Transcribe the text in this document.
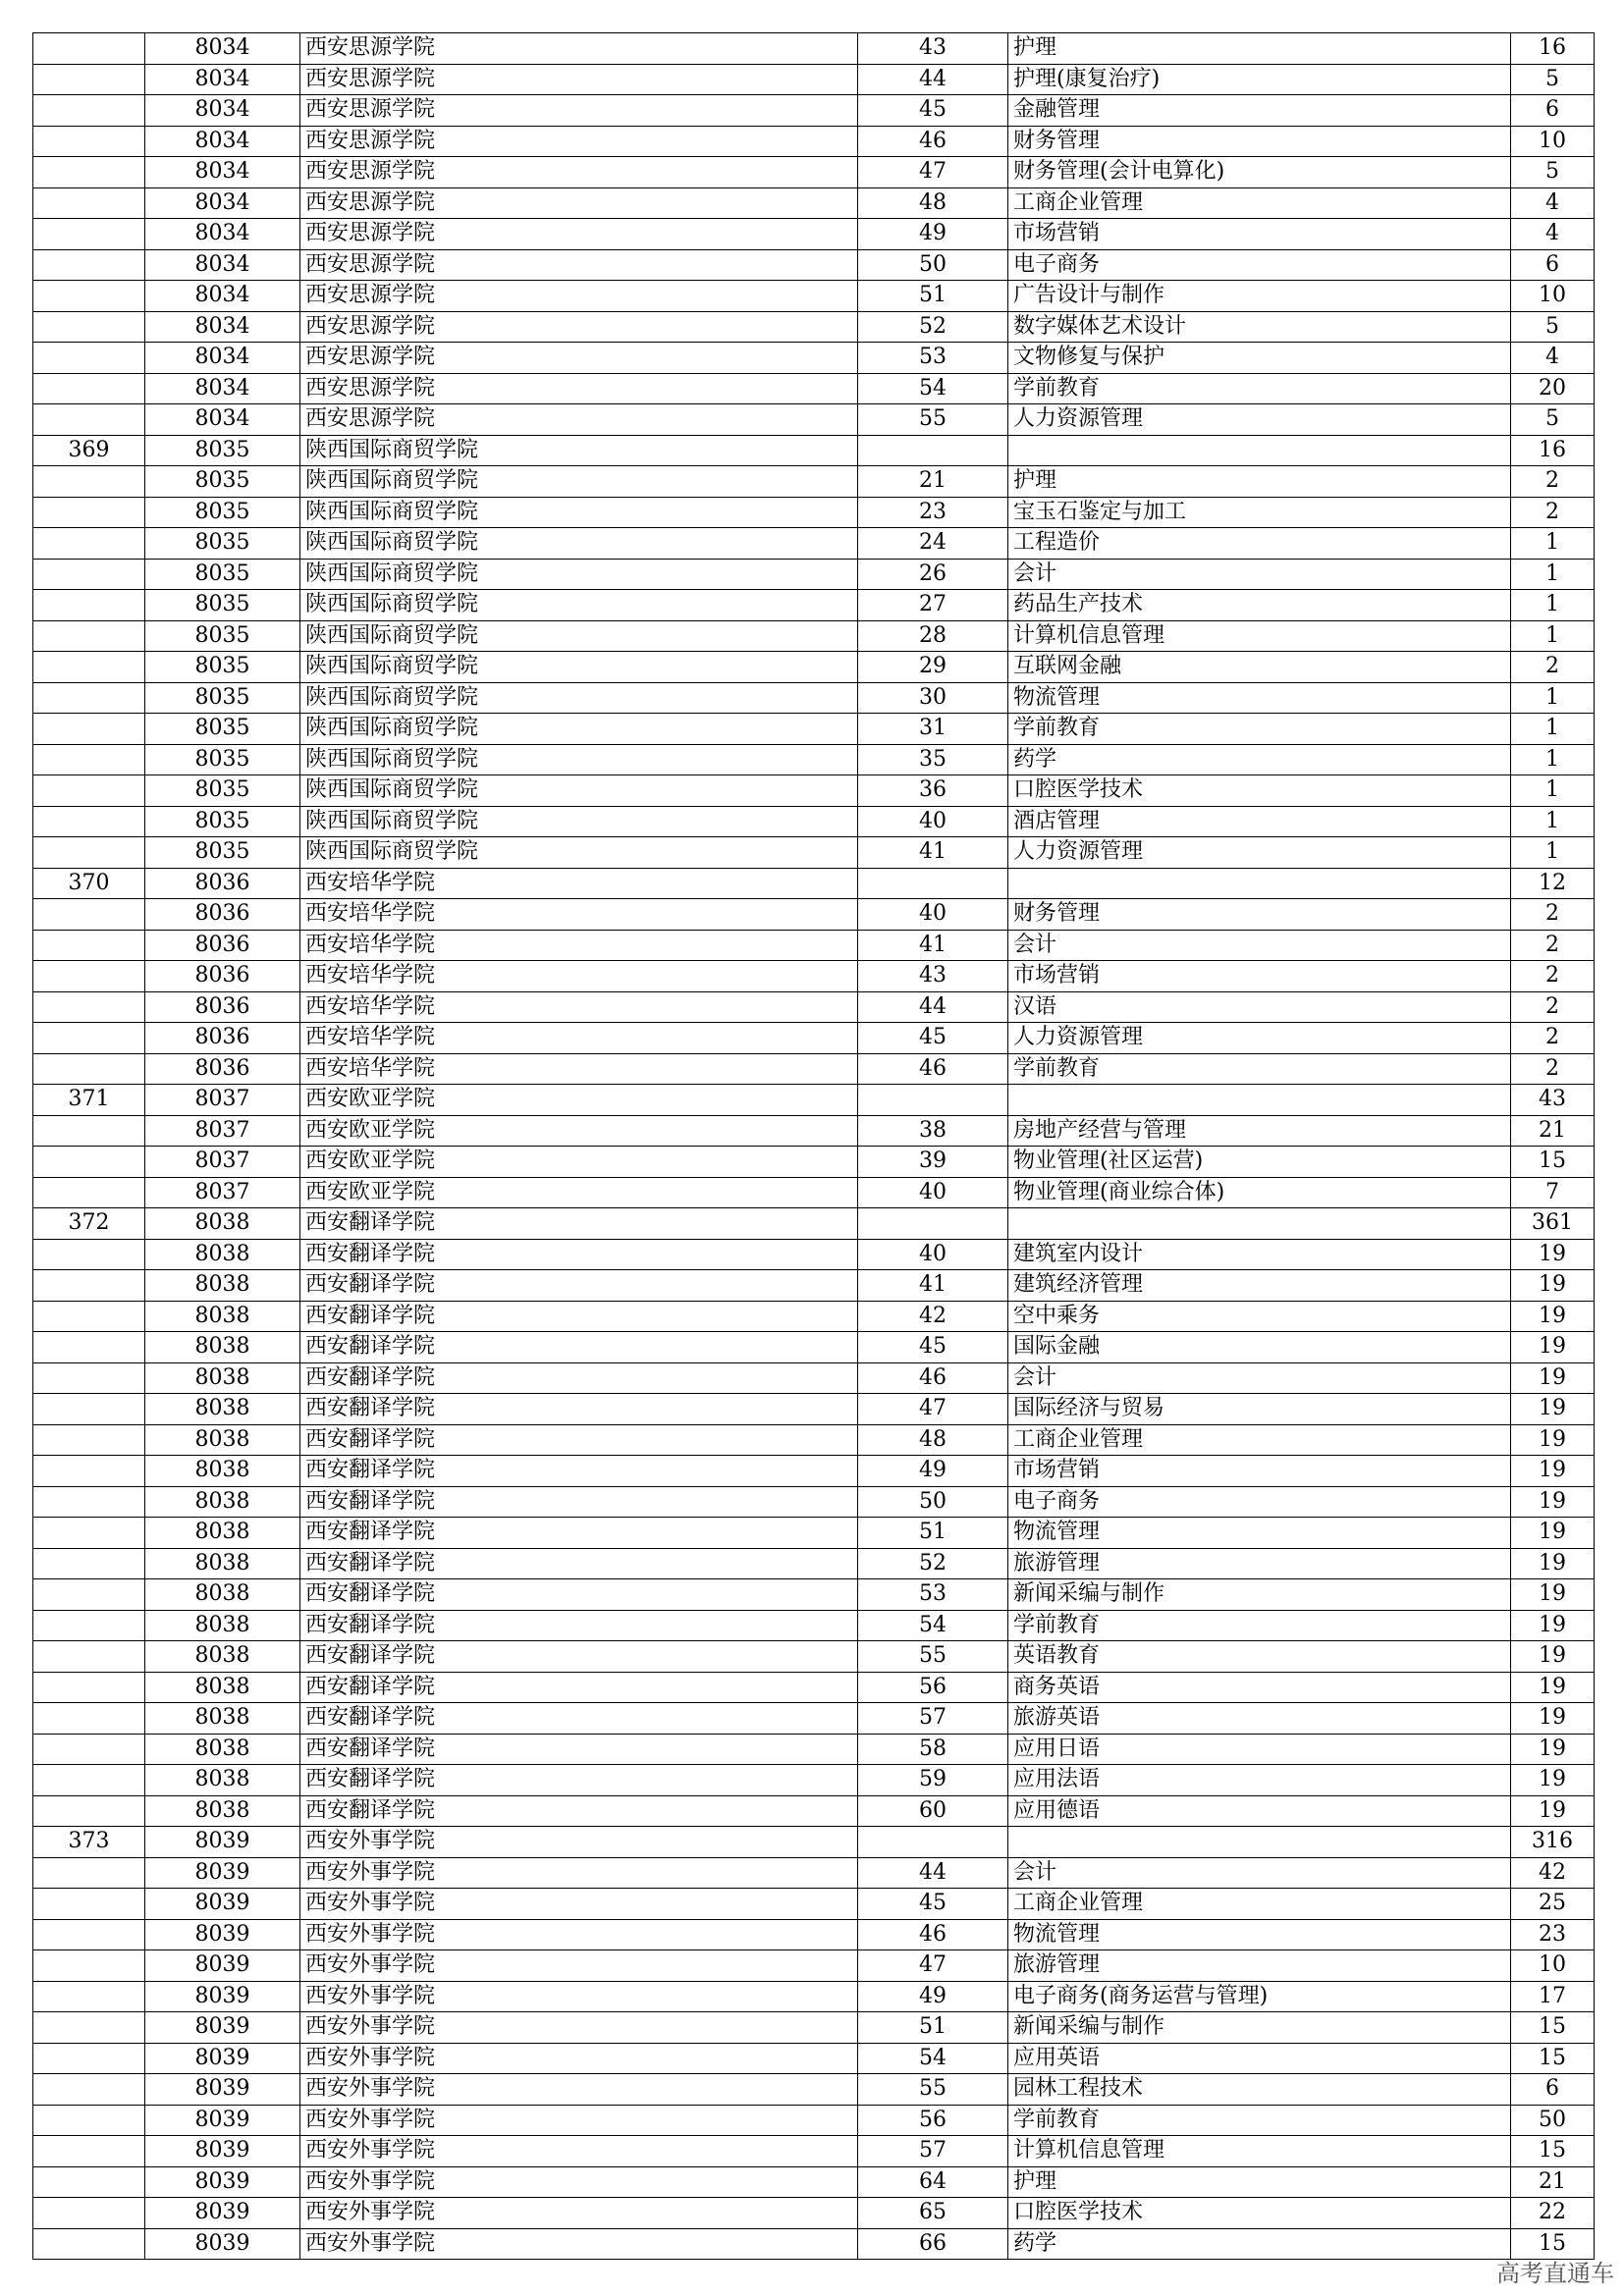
	8034	西安思源学院	43	护理	16
	8034	西安思源学院	44	护理(康复治疗)	5
	8034	西安思源学院	45	金融管理	6
	8034	西安思源学院	46	财务管理	10
	8034	西安思源学院	47	财务管理(会计电算化)	5
	8034	西安思源学院	48	工商企业管理	4
	8034	西安思源学院	49	市场营销	4
	8034	西安思源学院	50	电子商务	6
	8034	西安思源学院	51	广告设计与制作	10
	8034	西安思源学院	52	数字媒体艺术设计	5
	8034	西安思源学院	53	文物修复与保护	4
	8034	西安思源学院	54	学前教育	20
	8034	西安思源学院	55	人力资源管理	5
369	8035	陕西国际商贸学院			16
	8035	陕西国际商贸学院	21	护理	2
	8035	陕西国际商贸学院	23	宝玉石鉴定与加工	2
	8035	陕西国际商贸学院	24	工程造价	1
	8035	陕西国际商贸学院	26	会计	1
	8035	陕西国际商贸学院	27	药品生产技术	1
	8035	陕西国际商贸学院	28	计算机信息管理	1
	8035	陕西国际商贸学院	29	互联网金融	2
	8035	陕西国际商贸学院	30	物流管理	1
	8035	陕西国际商贸学院	31	学前教育	1
	8035	陕西国际商贸学院	35	药学	1
	8035	陕西国际商贸学院	36	口腔医学技术	1
	8035	陕西国际商贸学院	40	酒店管理	1
	8035	陕西国际商贸学院	41	人力资源管理	1
370	8036	西安培华学院			12
	8036	西安培华学院	40	财务管理	2
	8036	西安培华学院	41	会计	2
	8036	西安培华学院	43	市场营销	2
	8036	西安培华学院	44	汉语	2
	8036	西安培华学院	45	人力资源管理	2
	8036	西安培华学院	46	学前教育	2
371	8037	西安欧亚学院			43
	8037	西安欧亚学院	38	房地产经营与管理	21
	8037	西安欧亚学院	39	物业管理(社区运营)	15
	8037	西安欧亚学院	40	物业管理(商业综合体)	7
372	8038	西安翻译学院			361
	8038	西安翻译学院	40	建筑室内设计	19
	8038	西安翻译学院	41	建筑经济管理	19
	8038	西安翻译学院	42	空中乘务	19
	8038	西安翻译学院	45	国际金融	19
	8038	西安翻译学院	46	会计	19
	8038	西安翻译学院	47	国际经济与贸易	19
	8038	西安翻译学院	48	工商企业管理	19
	8038	西安翻译学院	49	市场营销	19
	8038	西安翻译学院	50	电子商务	19
	8038	西安翻译学院	51	物流管理	19
	8038	西安翻译学院	52	旅游管理	19
	8038	西安翻译学院	53	新闻采编与制作	19
	8038	西安翻译学院	54	学前教育	19
	8038	西安翻译学院	55	英语教育	19
	8038	西安翻译学院	56	商务英语	19
	8038	西安翻译学院	57	旅游英语	19
	8038	西安翻译学院	58	应用日语	19
	8038	西安翻译学院	59	应用法语	19
	8038	西安翻译学院	60	应用德语	19
373	8039	西安外事学院			316
	8039	西安外事学院	44	会计	42
	8039	西安外事学院	45	工商企业管理	25
	8039	西安外事学院	46	物流管理	23
	8039	西安外事学院	47	旅游管理	10
	8039	西安外事学院	49	电子商务(商务运营与管理)	17
	8039	西安外事学院	51	新闻采编与制作	15
	8039	西安外事学院	54	应用英语	15
	8039	西安外事学院	55	园林工程技术	6
	8039	西安外事学院	56	学前教育	50
	8039	西安外事学院	57	计算机信息管理	15
	8039	西安外事学院	64	护理	21
	8039	西安外事学院	65	口腔医学技术	22
	8039	西安外事学院	66	药学	15
高考直通车
